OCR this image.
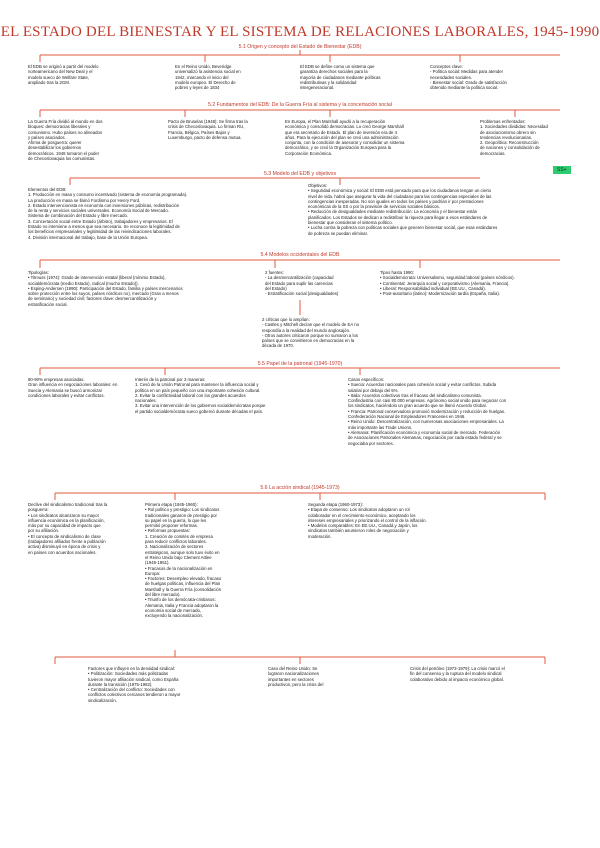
EL ESTADO DEL BIENESTAR Y EL SISTEMA DE RELACIONES LABORALES, 1945-1990
5.1 Origen y concepto del Estado de Bienestar (EDB)
El EDB se originó a partir del modelo
norteamericano del New Deal y el
modelo sueco de Welfare State,
ampliado tras la 2GM.
En el Reino Unido, Beveridge
universalizó la asistencia social en
1942, marcando el inicio del
modelo europeo. El Derecho de
pobres y leyes de 1834
El EDB se define como un sistema que
garantiza derechos sociales para la
mayoría de ciudadanos mediante políticas
redistributivas y la solidaridad
intergeneracional.
Conceptos clave:
- Política social: Medidas para atender
necesidades sociales.
- Bienestar social: Grado de satisfacción
obtenido mediante la política social.
5.2 Fundamentos del EDB: De la Guerra Fría al sistema y la concertación social
La Guerra Fría dividió al mundo en dos
bloques: democracias liberales y
comunismo. Hubo países no alineados
y países asociados.
Afirma de posguerra: querer
desestabilizar los gobiernos
democráticos. 1948 tomaron el poder
de Checoslovaquia los comunistas.
Pacto de Bruselas (1948): Se firma tras la
crisis de Checoslovaquia. Lo firman RU,
Francia, Bélgica, Países Bajos y
Luxemburgo, pacto de defensa mutua.
En Europa, el Plan Marshall ayudó a la recuperación
económica y consolidó democracias. Lo creó George Marshall
que era secretario de Estado. El plan de inversión era de 4
años. Para la ejecución del plan se creó una administración
conjunta, con la condición de asesorar y consolidar un sistema
democrático, y se creó la Organización Europea para la
Corporación Económica.
Problemas enfrentados:
1. Sociedades divididas: Necesidad
de asociacionismo obrero sin
tendencias revolucionarias.
2. Geopolítica: Reconstrucción
de naciones y consolidación de
democracias.
SS+
5.3 Modelo del EDB y objetivos
Elementos del EDB:
1. Producción en masa y consumo incentivado (sistema de economía programada).
La producción en masa se llamó Fordismo por Henry Ford.
2. Estado intervencionista en economía con inversiones públicas, redistribución
de la renta y servicios sociales universales. Economía Social de Mercado.
Sistema de combinación del Estado y libre mercado.
3. Concertación social entre Estado (árbitro), trabajadores y empresarios. El
Estado no interviene a menos que sea necesario. Se reconoce la legitimidad de
los beneficios empresariales y legitimidad de las reivindicaciones laborales.
4. División internacional del trabajo, base de la Unión Europea.
Objetivos:
• Seguridad económica y social: El EDB está pensado para que los ciudadanos tengan un cierto
nivel de vida, habrá que asegurar la vida del ciudadano para las contingencias especiales de las
contingencias inesperadas. No son iguales en todos los países y podrían ir por prestaciones
económicas de la SS o por la provisión de servicios sociales básicos.
• Reducción de desigualdades mediante redistribución: La economía y el bienestar están
planificados. Los Estados se dedican a redistribuir la riqueza para llegar a esos estándares de
bienestar que consideran el sistema político.
• Lucha contra la pobreza con políticas sociales que generen bienestar social, que esas estándares
de pobreza se puedan eliminar.
5.4 Modelos occidentales del EDB
Tipologías:
• Titmuss (1974): Grado de intervención estatal (liberal (mínimo Estado),
socialdemócrata (medio Estado), radical (mucho Estado)).
• Esping-Andersen (1990): Participación del Estado, familia y países mercenarios
sobre protección entre los suyos, países nórdicos no), mercado (Gran a menos
de seminario) y sociedad civil; factores clave: desmercantilización y
estratificación social.
2 fuentes:
- La desmercantilización (capacidad
del Estado para suplir las carencias
del Estado)
- Estratificación social (desigualdades)
Tipos hasta 1990:
• Socialdemócrata: Universalismo, seguridad laboral (países nórdicos).
• Continental: Jerarquía social y corporativismo (Alemania, Francia).
• Liberal: Responsabilidad individual (EE.UU., Canadá).
• Post-autoritario (latino): Modernización tardía (España, Italia).
2 críticas que lo amplían:
- Castles y Mitchell decían que el modelo de EA no
respondía a la realidad del mundo anglosajón.
- Otros autores criticaron porque no sumaron a los
países que se convirtieron en democracias en la
década de 1970.
5.5 Papel de la patronal (1945-1970)
80-90% empresas asociadas.
Gran influencia en negociaciones laborales: en
Suecia y Alemania se buscó armonizar
condiciones laborales y evitar conflictos.
Interés de la patronal por 3 maneras:
1. Cesó de la Unión Patronal para mantener la influencia social y
política en un país pequeño con una importante cohesión cultural.
2. Evitar la conflictividad laboral con los grandes acuerdos
nacionales.
3. Evitar una intervención de los gobiernos socialdemócratas porque
el partido socialdemócrata sueco gobernó durante décadas el país.
Casos específicos:
• Suecia: Acuerdos nacionales para cohesión social y evitar conflictos. Subida
salarial por debajo del 5%.
• Italia: Acuerdos colectivos tras el fracaso del sindicalismo comunista.
Confindustria con casi 80.000 empresas. Agrónomo social unido para negociar con
los sindicatos, haciéndolo un gran acuerdo que se llamó Acuerdo Global.
• Francia: Patronal conservadora promovió modernización y reducción de huelgas.
Confederación Nacional de Empleadores Franceses en 1946.
• Reino Unido: Descentralización, con numerosas asociaciones empresariales. La
más importante las Trade Unions.
• Alemania: Planificación económica y economía social de mercado. Federación
de Asociaciones Patronales Alemanas, negociación por cada estado federal y se
negociaba por sectores.
5.6 La acción sindical (1945-1973)
Declive del sindicalismo tradicional tras la
posguerra:
• Los sindicatos alcanzaron su mayor
influencia económica en la planificación,
más por su capacidad de impacto que
por su afiliación.
• El concepto de sindicalismo de clase
(trabajadores afiliados frente a población
activa) disminuyó en época de crisis y
en países con acuerdos nacionales.
Primera etapa (1945-1960):
• Rol político y prestigio: Los sindicatos
tradicionales ganaron de prestigio por
su papel en la guerra, lo que les
permitió proponer reformas.
• Reformas propuestas:
1. Creación de comités de empresa
para reducir conflictos laborales.
2. Nacionalización de sectores
estratégicos, aunque solo tuvo éxito en
el Reino Unido bajo Clement Attlee
(1945-1951).
• Fracasos de la nacionalización en
Europa:
• Factores: Desempleo elevado, fracaso
de huelgas políticas, influencia del Plan
Marshall y la Guerra Fría (consolidación
del libre mercado).
• Triunfo de los demócrata-cristianos:
Alemania, Italia y Francia adoptaron la
economía social de mercado,
excluyendo la nacionalización.
Segunda etapa (1960-1973):
• Etapa de consenso: Los sindicatos adoptaron un rol
colaborador en el crecimiento económico, aceptando los
intereses empresariales y priorizando el control de la inflación.
• Modelos comparables: En EE.UU., Canadá y Japón, los
sindicatos también asumieron roles de negociación y
moderación.
Factores que influyen en la densidad sindical:
• Politización: Sociedades más politizadas
tuvieron mayor afiliación sindical, como España
durante la transición (1975-1982).
• Centralización del conflicto: Sociedades con
conflictos colectivos cercanos tendieron a mayor
sindicalización.
Caso del Reino Unido: Se
lograron nacionalizaciones
importantes en sectores
productivos, pero la crisis del
Crisis del petróleo (1973-1979): La crisis marcó el
fin del consenso y la ruptura del modelo sindical
colaborativo debido al impacto económico global.
